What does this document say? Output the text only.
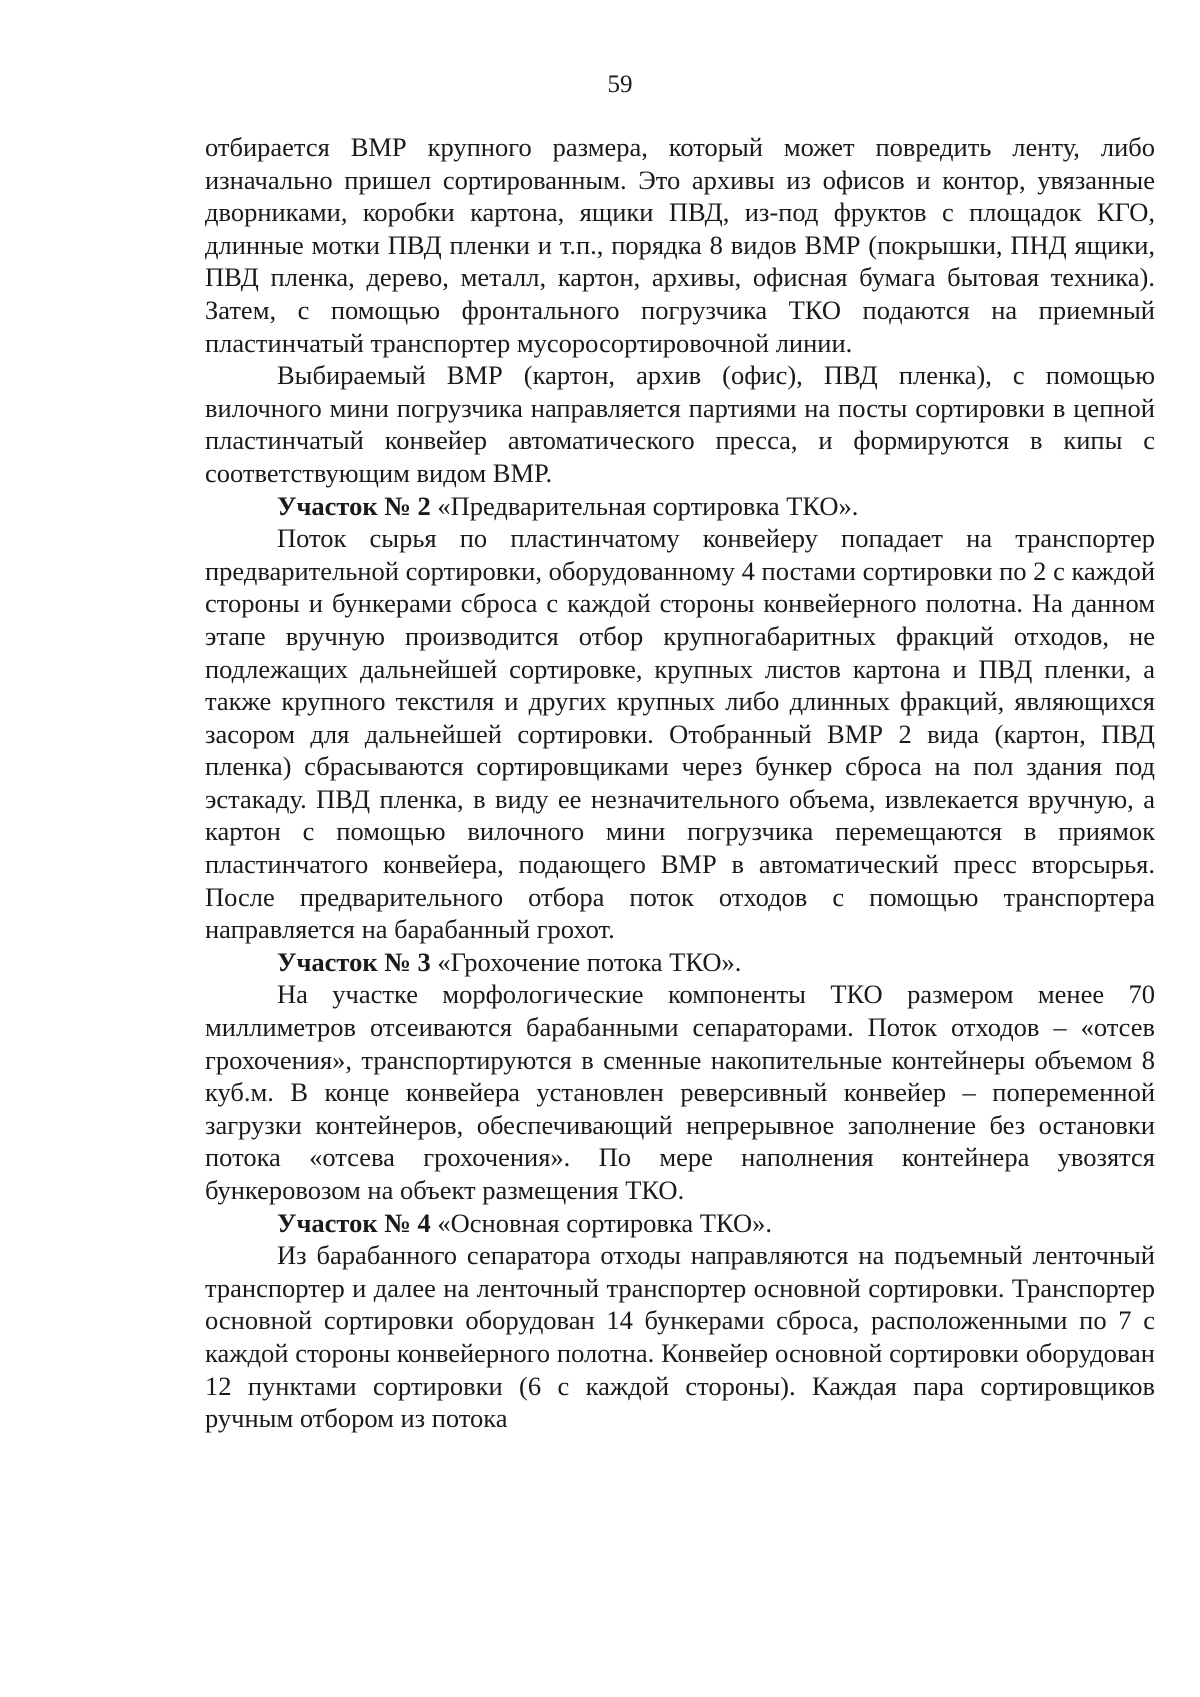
59

отбирается ВМР крупного размера, который может повредить ленту, либо изначально пришел сортированным. Это архивы из офисов и контор, увязанные дворниками, коробки картона, ящики ПВД, из-под фруктов с площадок КГО, длинные мотки ПВД пленки и т.п., порядка 8 видов ВМР (покрышки, ПНД ящики, ПВД пленка, дерево, металл, картон, архивы, офисная бумага бытовая техника). Затем, с помощью фронтального погрузчика ТКО подаются на приемный пластинчатый транспортер мусоросортировочной линии.

Выбираемый ВМР (картон, архив (офис), ПВД пленка), с помощью вилочного мини погрузчика направляется партиями на посты сортировки в цепной пластинчатый конвейер автоматического пресса, и формируются в кипы с соответствующим видом ВМР.

Участок № 2 «Предварительная сортировка ТКО».

Поток сырья по пластинчатому конвейеру попадает на транспортер предварительной сортировки, оборудованному 4 постами сортировки по 2 с каждой стороны и бункерами сброса с каждой стороны конвейерного полотна. На данном этапе вручную производится отбор крупногабаритных фракций отходов, не подлежащих дальнейшей сортировке, крупных листов картона и ПВД пленки, а также крупного текстиля и других крупных либо длинных фракций, являющихся засором для дальнейшей сортировки. Отобранный ВМР 2 вида (картон, ПВД пленка) сбрасываются сортировщиками через бункер сброса на пол здания под эстакаду. ПВД пленка, в виду ее незначительного объема, извлекается вручную, а картон с помощью вилочного мини погрузчика перемещаются в приямок пластинчатого конвейера, подающего ВМР в автоматический пресс вторсырья. После предварительного отбора поток отходов с помощью транспортера направляется на барабанный грохот.

Участок № 3 «Грохочение потока ТКО».

На участке морфологические компоненты ТКО размером менее 70 миллиметров отсеиваются барабанными сепараторами. Поток отходов – «отсев грохочения», транспортируются в сменные накопительные контейнеры объемом 8 куб.м. В конце конвейера установлен реверсивный конвейер – попеременной загрузки контейнеров, обеспечивающий непрерывное заполнение без остановки потока «отсева грохочения». По мере наполнения контейнера увозятся бункеровозом на объект размещения ТКО.

Участок № 4 «Основная сортировка ТКО».

Из барабанного сепаратора отходы направляются на подъемный ленточный транспортер и далее на ленточный транспортер основной сортировки. Транспортер основной сортировки оборудован 14 бункерами сброса, расположенными по 7 с каждой стороны конвейерного полотна. Конвейер основной сортировки оборудован 12 пунктами сортировки (6 с каждой стороны). Каждая пара сортировщиков ручным отбором из потока
